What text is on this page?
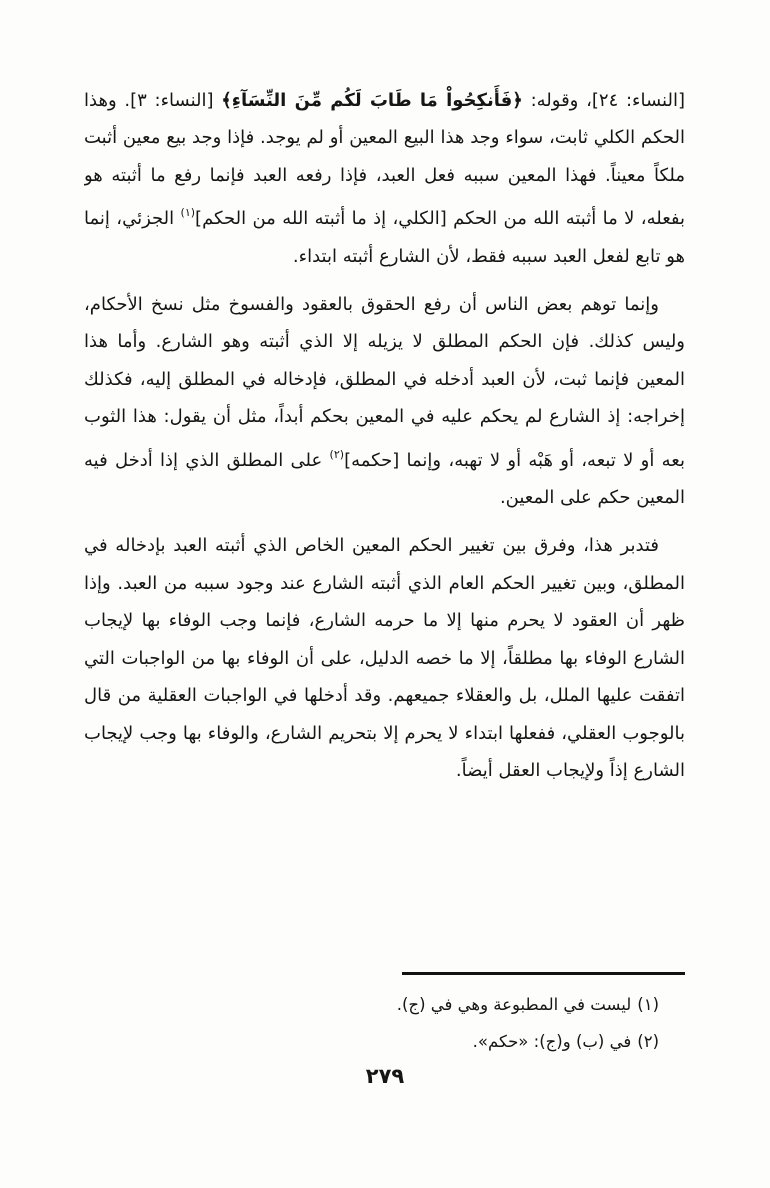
[النساء: ٢٤]، وقوله: ﴿فَأَنكِحُواْ مَا طَابَ لَكُم مِّنَ النِّسَآءِ﴾ [النساء: ٣]. وهذا الحكم الكلي ثابت، سواء وجد هذا البيع المعين أو لم يوجد. فإذا وجد بيع معين أثبت ملكاً معيناً. فهذا المعين سببه فعل العبد، فإذا رفعه العبد فإنما رفع ما أثبته هو بفعله، لا ما أثبته الله من الحكم [الكلي، إذ ما أثبته الله من الحكم]$^{(١)}$ الجزئي، إنما هو تابع لفعل العبد سببه فقط، لأن الشارع أثبته ابتداء.

وإنما توهم بعض الناس أن رفع الحقوق بالعقود والفسوخ مثل نسخ الأحكام، وليس كذلك. فإن الحكم المطلق لا يزيله إلا الذي أثبته وهو الشارع. وأما هذا المعين فإنما ثبت، لأن العبد أدخله في المطلق، فإدخاله في المطلق إليه، فكذلك إخراجه: إذ الشارع لم يحكم عليه في المعين بحكم أبداً، مثل أن يقول: هذا الثوب بعه أو لا تبعه، أو هَبْه أو لا تهبه، وإنما [حكمه]$^{(٢)}$ على المطلق الذي إذا أدخل فيه المعين حكم على المعين.

فتدبر هذا، وفرق بين تغيير الحكم المعين الخاص الذي أثبته العبد بإدخاله في المطلق، وبين تغيير الحكم العام الذي أثبته الشارع عند وجود سببه من العبد. وإذا ظهر أن العقود لا يحرم منها إلا ما حرمه الشارع، فإنما وجب الوفاء بها لإيجاب الشارع الوفاء بها مطلقاً، إلا ما خصه الدليل، على أن الوفاء بها من الواجبات التي اتفقت عليها الملل، بل والعقلاء جميعهم. وقد أدخلها في الواجبات العقلية من قال بالوجوب العقلي، ففعلها ابتداء لا يحرم إلا بتحريم الشارع، والوفاء بها وجب لإيجاب الشارع إذاً ولإيجاب العقل أيضاً.

(١)ليست في المطبوعة وهي في (ج).
(٢)في (ب) و(ج): «حكم».
٢٧٩
